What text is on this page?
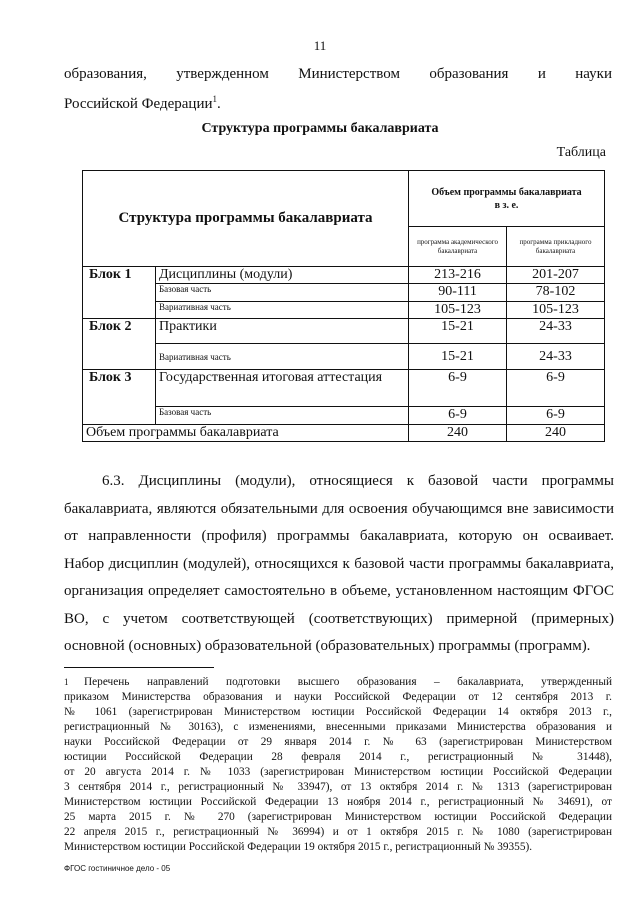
11
образования, утвержденном Министерством образования и науки
Российской Федерации$^1$.
Структура программы бакалавриата
Таблица
Структура программы бакалавриата		Объем программы бакалавриата
в з. е.	

		программа академического бакалавриата	программа прикладного бакалавриата
Блок 1	Дисциплины (модули)	213-216	201-207
	Базовая часть	90-111	78-102
	Вариативная часть	105-123	105-123
Блок 2	Практики	15-21	24-33
	Вариативная часть	15-21	24-33
Блок 3	Государственная итоговая аттестация	6-9	6-9
	Базовая часть	6-9	6-9
Объем программы бакалавриата		240	240
6.3. Дисциплины (модули), относящиеся к базовой части программы
бакалавриата, являются обязательными для освоения обучающимся вне зависимости
от направленности (профиля) программы бакалавриата, которую он осваивает.
Набор дисциплин (модулей), относящихся к базовой части программы бакалавриата,
организация определяет самостоятельно в объеме, установленном настоящим ФГОС
ВО, с учетом соответствующей (соответствующих) примерной (примерных)
основной (основных) образовательной (образовательных) программы (программ).
1 Перечень направлений подготовки высшего образования – бакалавриата, утвержденный
приказом Министерства образования и науки Российской Федерации от 12 сентября 2013 г.
№ 1061 (зарегистрирован Министерством юстиции Российской Федерации 14 октября 2013 г.,
регистрационный № 30163), с изменениями, внесенными приказами Министерства образования и
науки Российской Федерации от 29 января 2014 г. № 63 (зарегистрирован Министерством
юстиции Российской Федерации 28 февраля 2014 г., регистрационный № 31448),
от 20 августа 2014 г. № 1033 (зарегистрирован Министерством юстиции Российской Федерации
3 сентября 2014 г., регистрационный № 33947), от 13 октября 2014 г. № 1313 (зарегистрирован
Министерством юстиции Российской Федерации 13 ноября 2014 г., регистрационный № 34691), от
25 марта 2015 г. № 270 (зарегистрирован Министерством юстиции Российской Федерации
22 апреля 2015 г., регистрационный № 36994) и от 1 октября 2015 г. № 1080 (зарегистрирован
Министерством юстиции Российской Федерации 19 октября 2015 г., регистрационный № 39355).
ФГОС гостиничное дело - 05
